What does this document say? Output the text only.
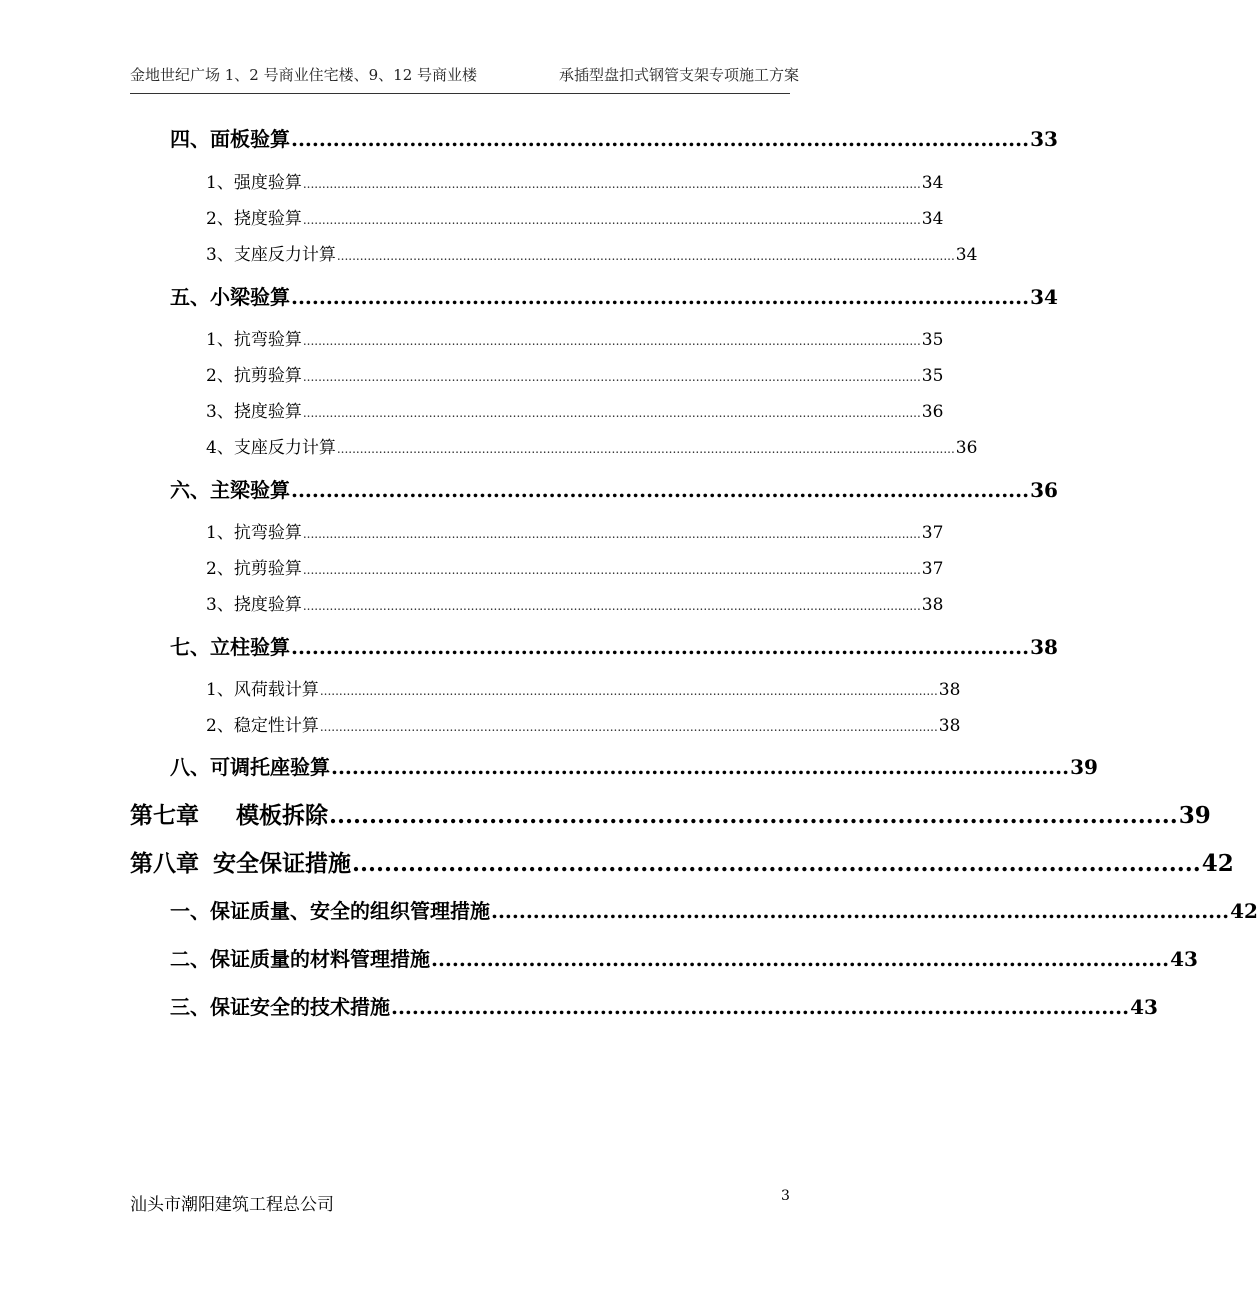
金地世纪广场 1、2 号商业住宅楼、9、12 号商业楼	承插型盘扣式钢管支架专项施工方案
四、面板验算 .......................................................................................................... 33
1、强度验算 .................................................................................................................................................................. 34
2、挠度验算 .................................................................................................................................................................. 34
3、支座反力计算 .................................................................................................................................................................. 34
五、小梁验算 .......................................................................................................... 34
1、抗弯验算 .................................................................................................................................................................. 35
2、抗剪验算 .................................................................................................................................................................. 35
3、挠度验算 .................................................................................................................................................................. 36
4、支座反力计算 .................................................................................................................................................................. 36
六、主梁验算 .......................................................................................................... 36
1、抗弯验算 .................................................................................................................................................................. 37
2、抗剪验算 .................................................................................................................................................................. 37
3、挠度验算 .................................................................................................................................................................. 38
七、立柱验算 .......................................................................................................... 38
1、风荷载计算 .................................................................................................................................................................. 38
2、稳定性计算 .................................................................................................................................................................. 38
八、可调托座验算 .......................................................................................................... 39
第七章 模板拆除 .......................................................................................................... 39
第八章 安全保证措施 .......................................................................................................... 42
一、保证质量、安全的组织管理措施 .......................................................................................................... 42
二、保证质量的材料管理措施 .......................................................................................................... 43
三、保证安全的技术措施 .......................................................................................................... 43
汕头市潮阳建筑工程总公司	3
